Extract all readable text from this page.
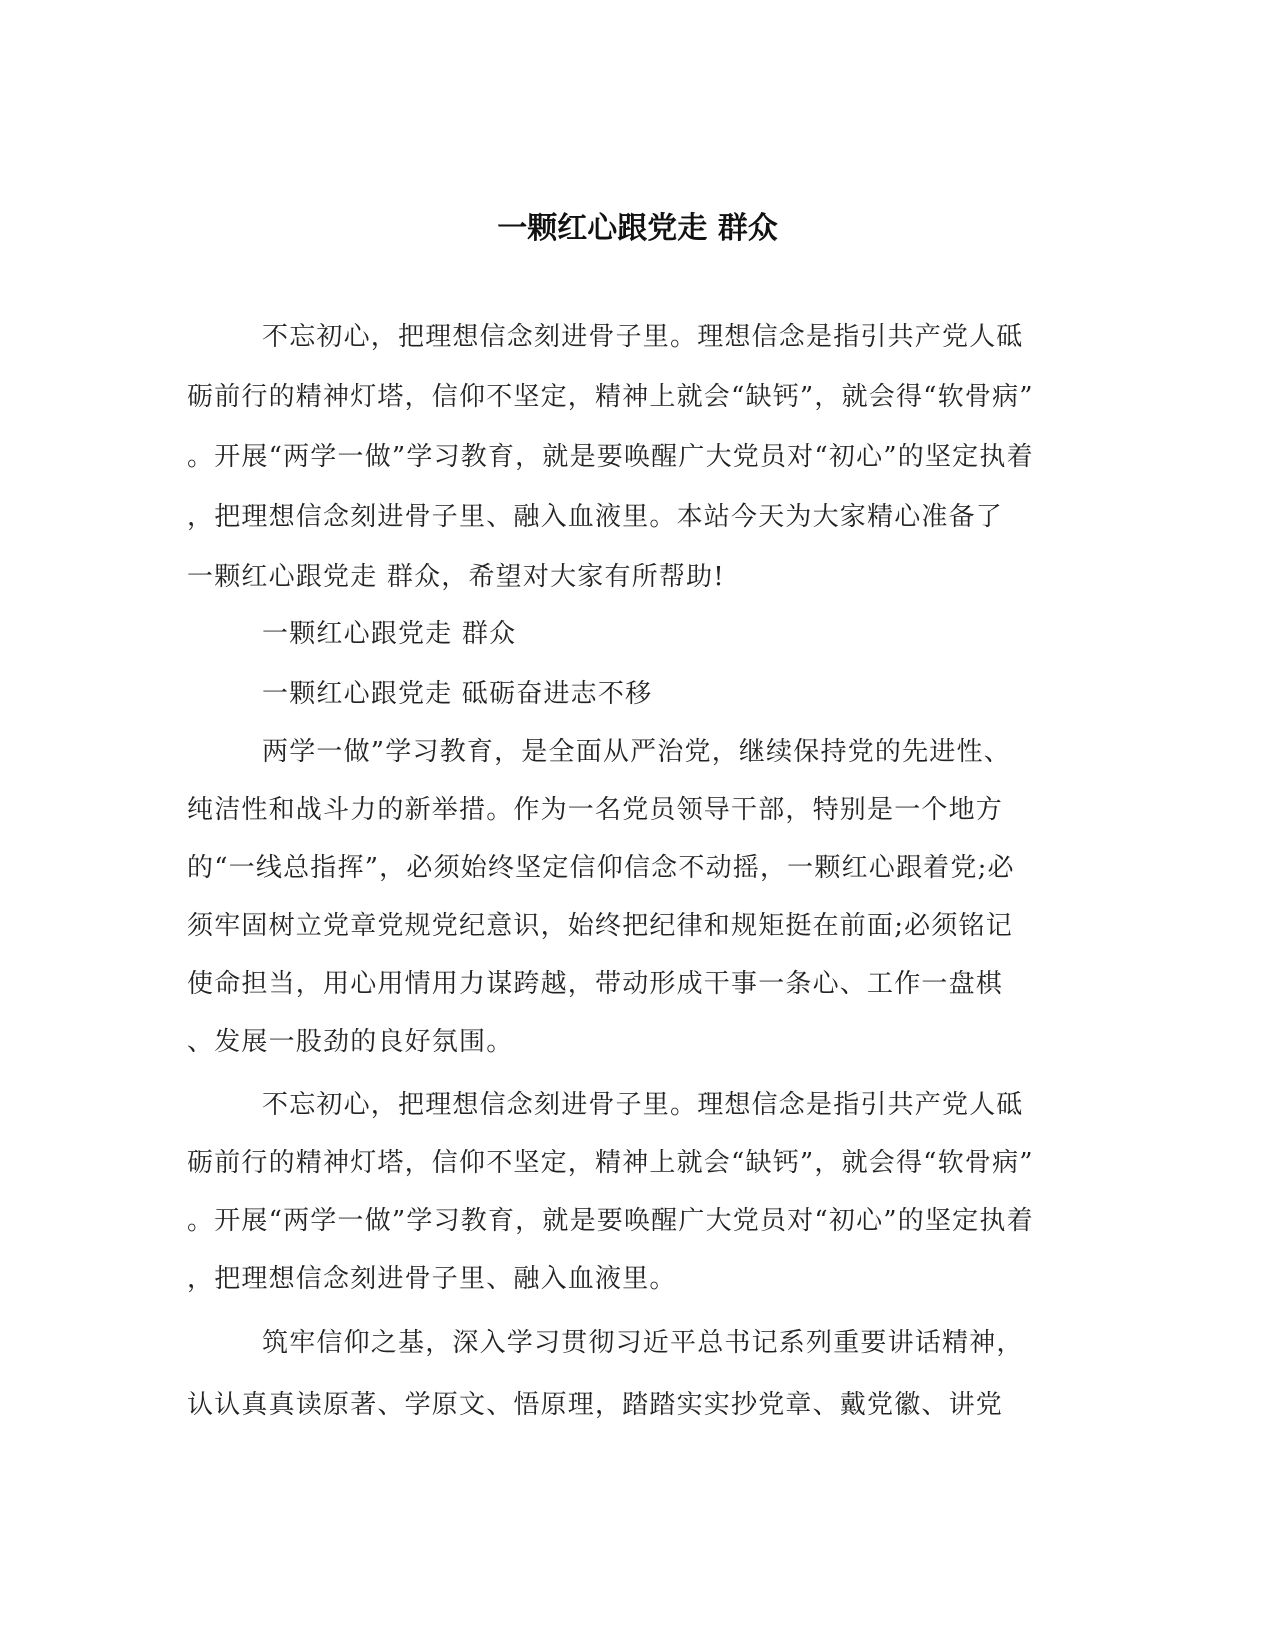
一颗红心跟党走 群众

不忘初心，把理想信念刻进骨子里。理想信念是指引共产党人砥

砺前行的精神灯塔，信仰不坚定，精神上就会“缺钙”，就会得“软骨病”

。开展“两学一做”学习教育，就是要唤醒广大党员对“初心”的坚定执着

，把理想信念刻进骨子里、融入血液里。本站今天为大家精心准备了

一颗红心跟党走 群众，希望对大家有所帮助!

一颗红心跟党走 群众

一颗红心跟党走 砥砺奋进志不移

两学一做”学习教育，是全面从严治党，继续保持党的先进性、

纯洁性和战斗力的新举措。作为一名党员领导干部，特别是一个地方

的“一线总指挥”，必须始终坚定信仰信念不动摇，一颗红心跟着党;必

须牢固树立党章党规党纪意识，始终把纪律和规矩挺在前面;必须铭记

使命担当，用心用情用力谋跨越，带动形成干事一条心、工作一盘棋

、发展一股劲的良好氛围。

不忘初心，把理想信念刻进骨子里。理想信念是指引共产党人砥

砺前行的精神灯塔，信仰不坚定，精神上就会“缺钙”，就会得“软骨病”

。开展“两学一做”学习教育，就是要唤醒广大党员对“初心”的坚定执着

，把理想信念刻进骨子里、融入血液里。

筑牢信仰之基，深入学习贯彻习近平总书记系列重要讲话精神，

认认真真读原著、学原文、悟原理，踏踏实实抄党章、戴党徽、讲党
